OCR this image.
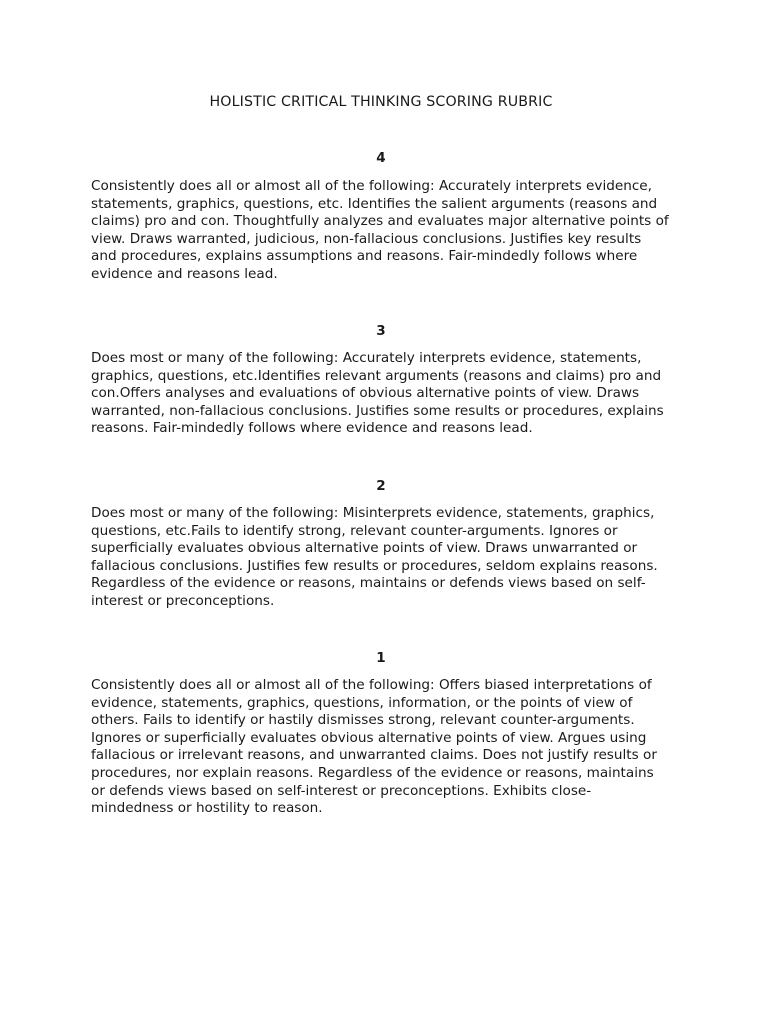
HOLISTIC CRITICAL THINKING SCORING RUBRIC
4

Consistently does all or almost all of the following: Accurately interprets evidence,
statements, graphics, questions, etc. Identifies the salient arguments (reasons and
claims) pro and con. Thoughtfully analyzes and evaluates major alternative points of
view. Draws warranted, judicious, non-fallacious conclusions. Justifies key results
and procedures, explains assumptions and reasons. Fair-mindedly follows where
evidence and reasons lead.

3

Does most or many of the following: Accurately interprets evidence, statements,
graphics, questions, etc.Identifies relevant arguments (reasons and claims) pro and
con.Offers analyses and evaluations of obvious alternative points of view. Draws
warranted, non-fallacious conclusions. Justifies some results or procedures, explains
reasons. Fair-mindedly follows where evidence and reasons lead.

2

Does most or many of the following: Misinterprets evidence, statements, graphics,
questions, etc.Fails to identify strong, relevant counter-arguments. Ignores or
superficially evaluates obvious alternative points of view. Draws unwarranted or
fallacious conclusions. Justifies few results or procedures, seldom explains reasons.
Regardless of the evidence or reasons, maintains or defends views based on self-
interest or preconceptions.

1

Consistently does all or almost all of the following: Offers biased interpretations of
evidence, statements, graphics, questions, information, or the points of view of
others. Fails to identify or hastily dismisses strong, relevant counter-arguments.
Ignores or superficially evaluates obvious alternative points of view. Argues using
fallacious or irrelevant reasons, and unwarranted claims. Does not justify results or
procedures, nor explain reasons. Regardless of the evidence or reasons, maintains
or defends views based on self-interest or preconceptions. Exhibits close-
mindedness or hostility to reason.
